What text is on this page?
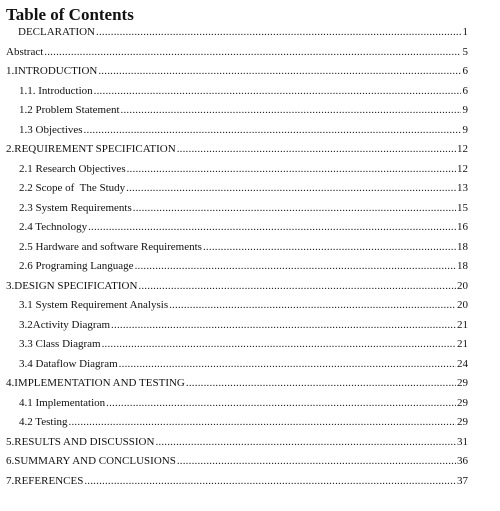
Table of Contents
DECLARATION .....	1
Abstract .....	5
1.INTRODUCTION .....	6
1.1. Introduction .....	6
1.2 Problem Statement .....	9
1.3 Objectives .....	9
2.REQUIREMENT SPECIFICATION .....	12
2.1 Research Objectives .....	12
2.2 Scope of  The Study .....	13
2.3 System Requirements .....	15
2.4 Technology .....	16
2.5 Hardware and software Requirements .....	18
2.6 Programing Language .....	18
3.DESIGN SPECIFICATION .....	20
3.1 System Requirement Analysis .....	20
3.2Activity Diagram .....	21
3.3 Class Diagram .....	21
3.4 Dataflow Diagram .....	24
4.IMPLEMENTATION AND TESTING .....	29
4.1 Implementation .....	29
4.2 Testing .....	29
5.RESULTS AND DISCUSSION .....	31
6.SUMMARY AND CONCLUSIONS .....	36
7.REFERENCES .....	37
